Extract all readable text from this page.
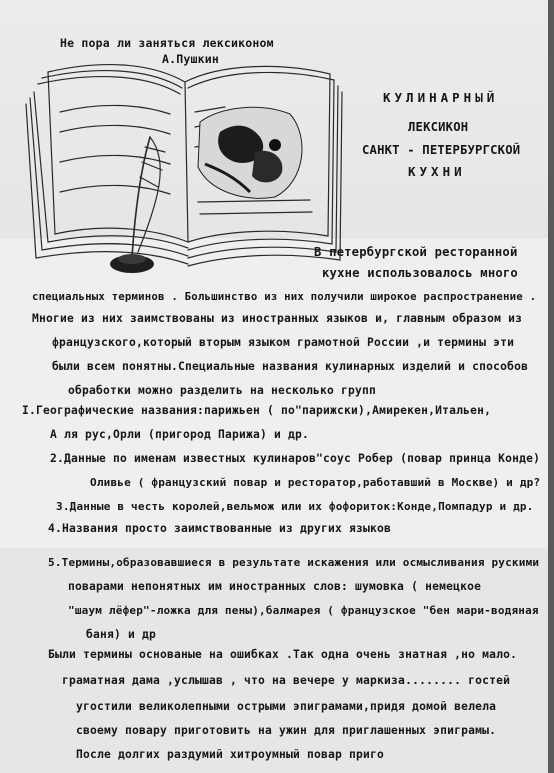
Не пора ли заняться лексиконом
А.Пушкин
КУЛИНАРНЫЙ
ЛЕКСИКОН
САНКТ - ПЕТЕРБУРГСКОЙ
КУХНИ
В петербургской ресторанной
кухне использовалось много
специальных терминов . Большинство из них получили широкое распространение .
Многие из них заимствованы из иностранных языков и, главным образом из
французского,который вторым языком грамотной России ,и термины эти
были всем понятны.Специальные названия кулинарных изделий и способов
обработки можно разделить на несколько групп
I.Географические названия:парижьен ( по"парижски),Амирекен,Итальен,
А ля рус,Орли (пригород Парижа) и др.
2.Данные по именам известных кулинаров"соус Робер (повар принца Конде)
Оливье ( французский повар и ресторатор,работавший в Москве) и др?
3.Данные в честь королей,вельмож или их фофориток:Конде,Помпадур и др.
4.Названия просто заимствованные из других языков
5.Термины,образовавшиеся в результате искажения или осмысливания рускими
поварами непонятных им иностранных слов: шумовка ( немецкое
"шаум лёфер"-ложка для пены),балмарея ( французское "бен мари-водяная
баня) и др
Были термины основаные на ошибках .Так одна очень знатная ,но мало.
граматная дама ,услышав , что на вечере у маркиза........ гостей
угостили великолепными острыми эпиграмами,придя домой велела
своему повару приготовить на ужин для приглашенных эпиграмы.
После долгих раздумий хитроумный повар приго
